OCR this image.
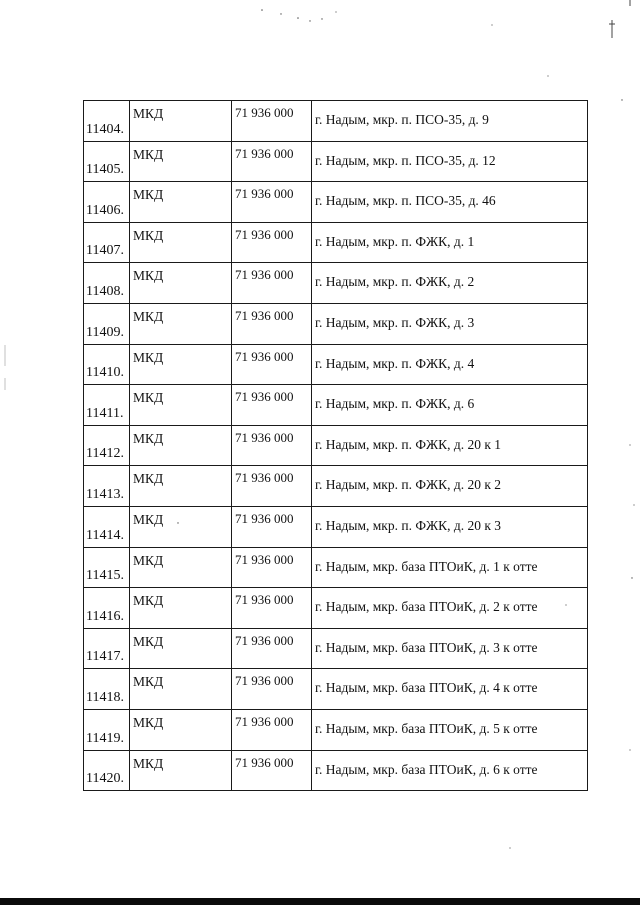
11404.	МКД	71 936 000	г. Надым, мкр. п. ПСО-35, д. 9

11405.	МКД	71 936 000	г. Надым, мкр. п. ПСО-35, д. 12

11406.	МКД	71 936 000	г. Надым, мкр. п. ПСО-35, д. 46

11407.	МКД	71 936 000	г. Надым, мкр. п. ФЖК, д. 1

11408.	МКД	71 936 000	г. Надым, мкр. п. ФЖК, д. 2

11409.	МКД	71 936 000	г. Надым, мкр. п. ФЖК, д. 3

11410.	МКД	71 936 000	г. Надым, мкр. п. ФЖК, д. 4

11411.	МКД	71 936 000	г. Надым, мкр. п. ФЖК, д. 6

11412.	МКД	71 936 000	г. Надым, мкр. п. ФЖК, д. 20 к 1

11413.	МКД	71 936 000	г. Надым, мкр. п. ФЖК, д. 20 к 2

11414.	МКД	71 936 000	г. Надым, мкр. п. ФЖК, д. 20 к 3

11415.	МКД	71 936 000	г. Надым, мкр. база ПТОиК, д. 1 к отте

11416.	МКД	71 936 000	г. Надым, мкр. база ПТОиК, д. 2 к отте

11417.	МКД	71 936 000	г. Надым, мкр. база ПТОиК, д. 3 к отте

11418.	МКД	71 936 000	г. Надым, мкр. база ПТОиК, д. 4 к отте

11419.	МКД	71 936 000	г. Надым, мкр. база ПТОиК, д. 5 к отте

11420.	МКД	71 936 000	г. Надым, мкр. база ПТОиК, д. 6 к отте
